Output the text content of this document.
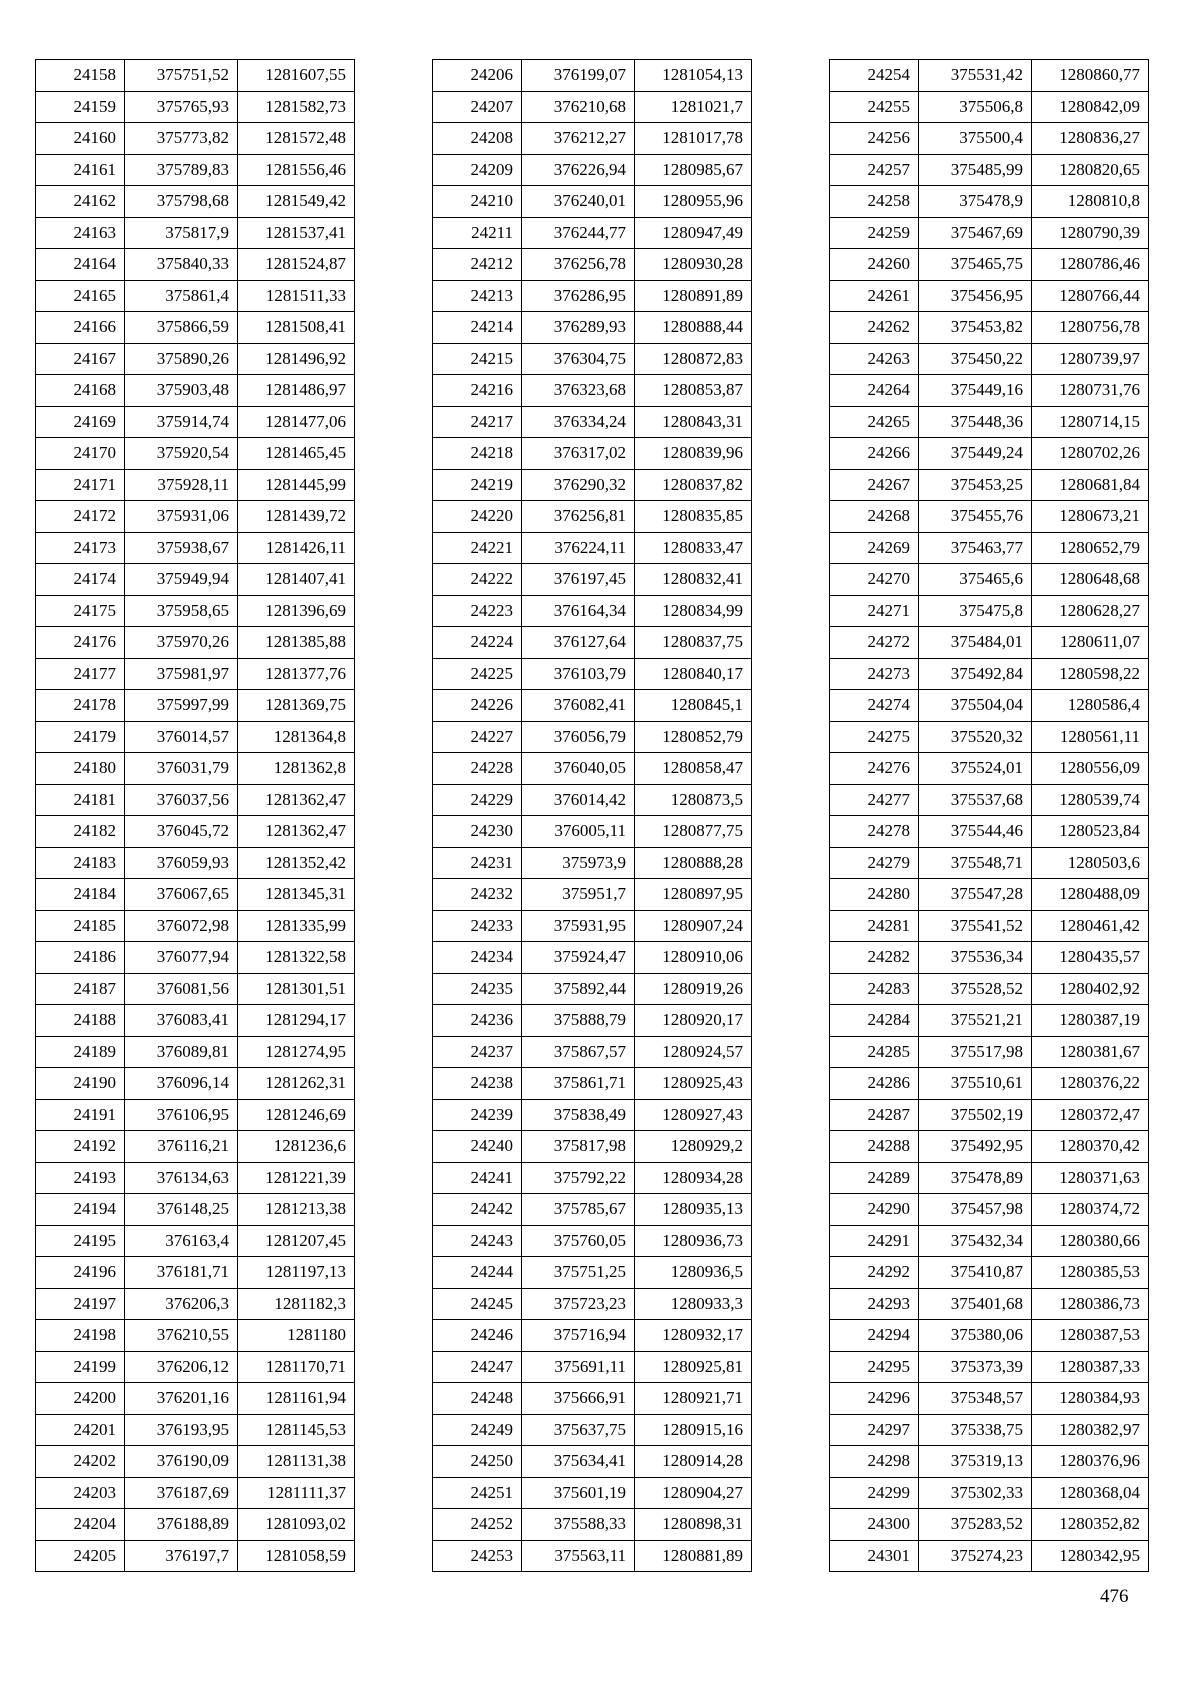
24158	375751,52	1281607,55
24159	375765,93	1281582,73
24160	375773,82	1281572,48
24161	375789,83	1281556,46
24162	375798,68	1281549,42
24163	375817,9	1281537,41
24164	375840,33	1281524,87
24165	375861,4	1281511,33
24166	375866,59	1281508,41
24167	375890,26	1281496,92
24168	375903,48	1281486,97
24169	375914,74	1281477,06
24170	375920,54	1281465,45
24171	375928,11	1281445,99
24172	375931,06	1281439,72
24173	375938,67	1281426,11
24174	375949,94	1281407,41
24175	375958,65	1281396,69
24176	375970,26	1281385,88
24177	375981,97	1281377,76
24178	375997,99	1281369,75
24179	376014,57	1281364,8
24180	376031,79	1281362,8
24181	376037,56	1281362,47
24182	376045,72	1281362,47
24183	376059,93	1281352,42
24184	376067,65	1281345,31
24185	376072,98	1281335,99
24186	376077,94	1281322,58
24187	376081,56	1281301,51
24188	376083,41	1281294,17
24189	376089,81	1281274,95
24190	376096,14	1281262,31
24191	376106,95	1281246,69
24192	376116,21	1281236,6
24193	376134,63	1281221,39
24194	376148,25	1281213,38
24195	376163,4	1281207,45
24196	376181,71	1281197,13
24197	376206,3	1281182,3
24198	376210,55	1281180
24199	376206,12	1281170,71
24200	376201,16	1281161,94
24201	376193,95	1281145,53
24202	376190,09	1281131,38
24203	376187,69	1281111,37
24204	376188,89	1281093,02
24205	376197,7	1281058,59
24206	376199,07	1281054,13
24207	376210,68	1281021,7
24208	376212,27	1281017,78
24209	376226,94	1280985,67
24210	376240,01	1280955,96
24211	376244,77	1280947,49
24212	376256,78	1280930,28
24213	376286,95	1280891,89
24214	376289,93	1280888,44
24215	376304,75	1280872,83
24216	376323,68	1280853,87
24217	376334,24	1280843,31
24218	376317,02	1280839,96
24219	376290,32	1280837,82
24220	376256,81	1280835,85
24221	376224,11	1280833,47
24222	376197,45	1280832,41
24223	376164,34	1280834,99
24224	376127,64	1280837,75
24225	376103,79	1280840,17
24226	376082,41	1280845,1
24227	376056,79	1280852,79
24228	376040,05	1280858,47
24229	376014,42	1280873,5
24230	376005,11	1280877,75
24231	375973,9	1280888,28
24232	375951,7	1280897,95
24233	375931,95	1280907,24
24234	375924,47	1280910,06
24235	375892,44	1280919,26
24236	375888,79	1280920,17
24237	375867,57	1280924,57
24238	375861,71	1280925,43
24239	375838,49	1280927,43
24240	375817,98	1280929,2
24241	375792,22	1280934,28
24242	375785,67	1280935,13
24243	375760,05	1280936,73
24244	375751,25	1280936,5
24245	375723,23	1280933,3
24246	375716,94	1280932,17
24247	375691,11	1280925,81
24248	375666,91	1280921,71
24249	375637,75	1280915,16
24250	375634,41	1280914,28
24251	375601,19	1280904,27
24252	375588,33	1280898,31
24253	375563,11	1280881,89
24254	375531,42	1280860,77
24255	375506,8	1280842,09
24256	375500,4	1280836,27
24257	375485,99	1280820,65
24258	375478,9	1280810,8
24259	375467,69	1280790,39
24260	375465,75	1280786,46
24261	375456,95	1280766,44
24262	375453,82	1280756,78
24263	375450,22	1280739,97
24264	375449,16	1280731,76
24265	375448,36	1280714,15
24266	375449,24	1280702,26
24267	375453,25	1280681,84
24268	375455,76	1280673,21
24269	375463,77	1280652,79
24270	375465,6	1280648,68
24271	375475,8	1280628,27
24272	375484,01	1280611,07
24273	375492,84	1280598,22
24274	375504,04	1280586,4
24275	375520,32	1280561,11
24276	375524,01	1280556,09
24277	375537,68	1280539,74
24278	375544,46	1280523,84
24279	375548,71	1280503,6
24280	375547,28	1280488,09
24281	375541,52	1280461,42
24282	375536,34	1280435,57
24283	375528,52	1280402,92
24284	375521,21	1280387,19
24285	375517,98	1280381,67
24286	375510,61	1280376,22
24287	375502,19	1280372,47
24288	375492,95	1280370,42
24289	375478,89	1280371,63
24290	375457,98	1280374,72
24291	375432,34	1280380,66
24292	375410,87	1280385,53
24293	375401,68	1280386,73
24294	375380,06	1280387,53
24295	375373,39	1280387,33
24296	375348,57	1280384,93
24297	375338,75	1280382,97
24298	375319,13	1280376,96
24299	375302,33	1280368,04
24300	375283,52	1280352,82
24301	375274,23	1280342,95
476
